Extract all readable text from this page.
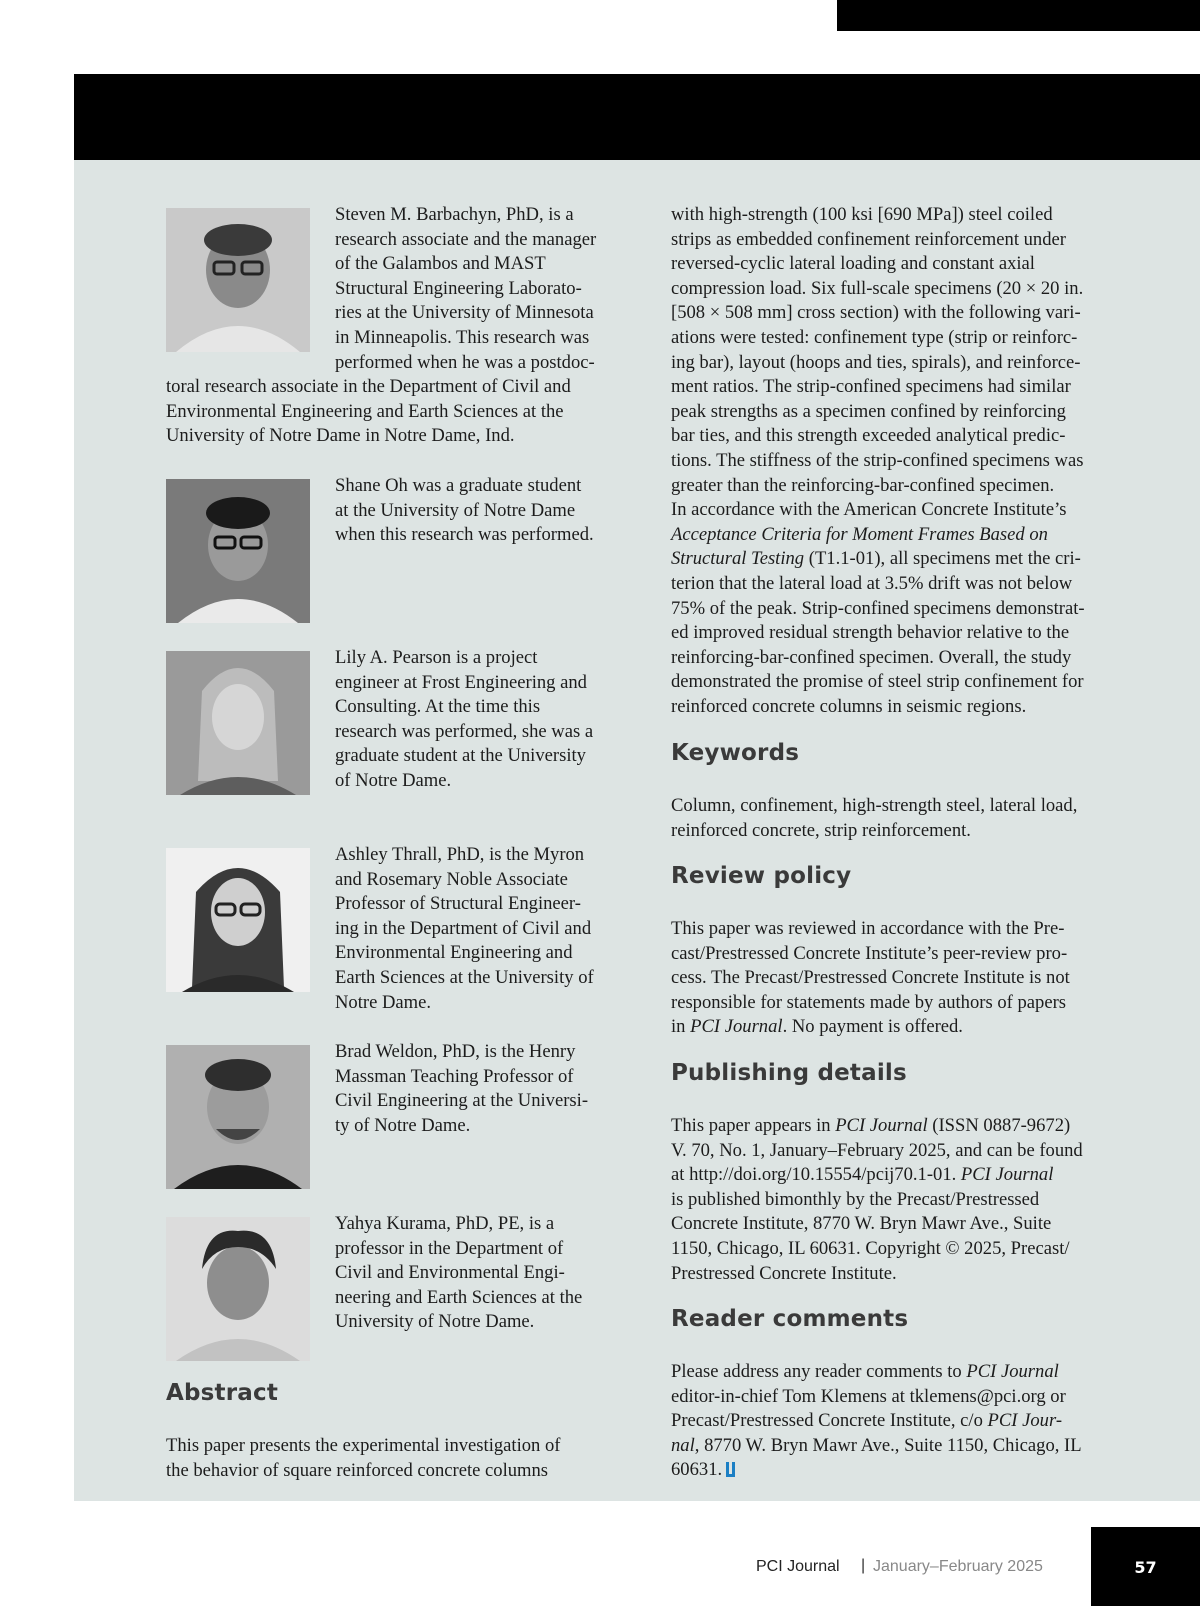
Steven M. Barbachyn, PhD, is a
research associate and the manager
of the Galambos and MAST
Structural Engineering Laborato-
ries at the University of Minnesota
in Minneapolis. This research was
performed when he was a postdoc-
toral research associate in the Department of Civil and
Environmental Engineering and Earth Sciences at the
University of Notre Dame in Notre Dame, Ind.
Shane Oh was a graduate student
at the University of Notre Dame
when this research was performed.
Lily A. Pearson is a project
engineer at Frost Engineering and
Consulting. At the time this
research was performed, she was a
graduate student at the University
of Notre Dame.
Ashley Thrall, PhD, is the Myron
and Rosemary Noble Associate
Professor of Structural Engineer-
ing in the Department of Civil and
Environmental Engineering and
Earth Sciences at the University of
Notre Dame.
Brad Weldon, PhD, is the Henry
Massman Teaching Professor of
Civil Engineering at the Universi-
ty of Notre Dame.
Yahya Kurama, PhD, PE, is a
professor in the Department of
Civil and Environmental Engi-
neering and Earth Sciences at the
University of Notre Dame.
Abstract
This paper presents the experimental investigation of
the behavior of square reinforced concrete columns
with high-strength (100 ksi [690 MPa]) steel coiled
strips as embedded confinement reinforcement under
reversed-cyclic lateral loading and constant axial
compression load. Six full-scale specimens (20 × 20 in.
[508 × 508 mm] cross section) with the following vari-
ations were tested: confinement type (strip or reinforc-
ing bar), layout (hoops and ties, spirals), and reinforce-
ment ratios. The strip-confined specimens had similar
peak strengths as a specimen confined by reinforcing
bar ties, and this strength exceeded analytical predic-
tions. The stiffness of the strip-confined specimens was
greater than the reinforcing-bar-confined specimen.
In accordance with the American Concrete Institute’s
Acceptance Criteria for Moment Frames Based on
Structural Testing (T1.1-01), all specimens met the cri-
terion that the lateral load at 3.5% drift was not below
75% of the peak. Strip-confined specimens demonstrat-
ed improved residual strength behavior relative to the
reinforcing-bar-confined specimen. Overall, the study
demonstrated the promise of steel strip confinement for
reinforced concrete columns in seismic regions.
Keywords
Column, confinement, high-strength steel, lateral load,
reinforced concrete, strip reinforcement.
Review policy
This paper was reviewed in accordance with the Pre-
cast/Prestressed Concrete Institute’s peer-review pro-
cess. The Precast/Prestressed Concrete Institute is not
responsible for statements made by authors of papers
in PCI Journal. No payment is offered.
Publishing details
This paper appears in PCI Journal (ISSN 0887-9672)
V. 70, No. 1, January–February 2025, and can be found
at http://doi.org/10.15554/pcij70.1-01. PCI Journal
is published bimonthly by the Precast/Prestressed
Concrete Institute, 8770 W. Bryn Mawr Ave., Suite
1150, Chicago, IL 60631. Copyright © 2025, Precast/
Prestressed Concrete Institute.
Reader comments
Please address any reader comments to PCI Journal
editor-in-chief Tom Klemens at tklemens@pci.org or
Precast/Prestressed Concrete Institute, c/o PCI Jour-
nal, 8770 W. Bryn Mawr Ave., Suite 1150, Chicago, IL
60631.
PCI Journal | January–February 2025	57
